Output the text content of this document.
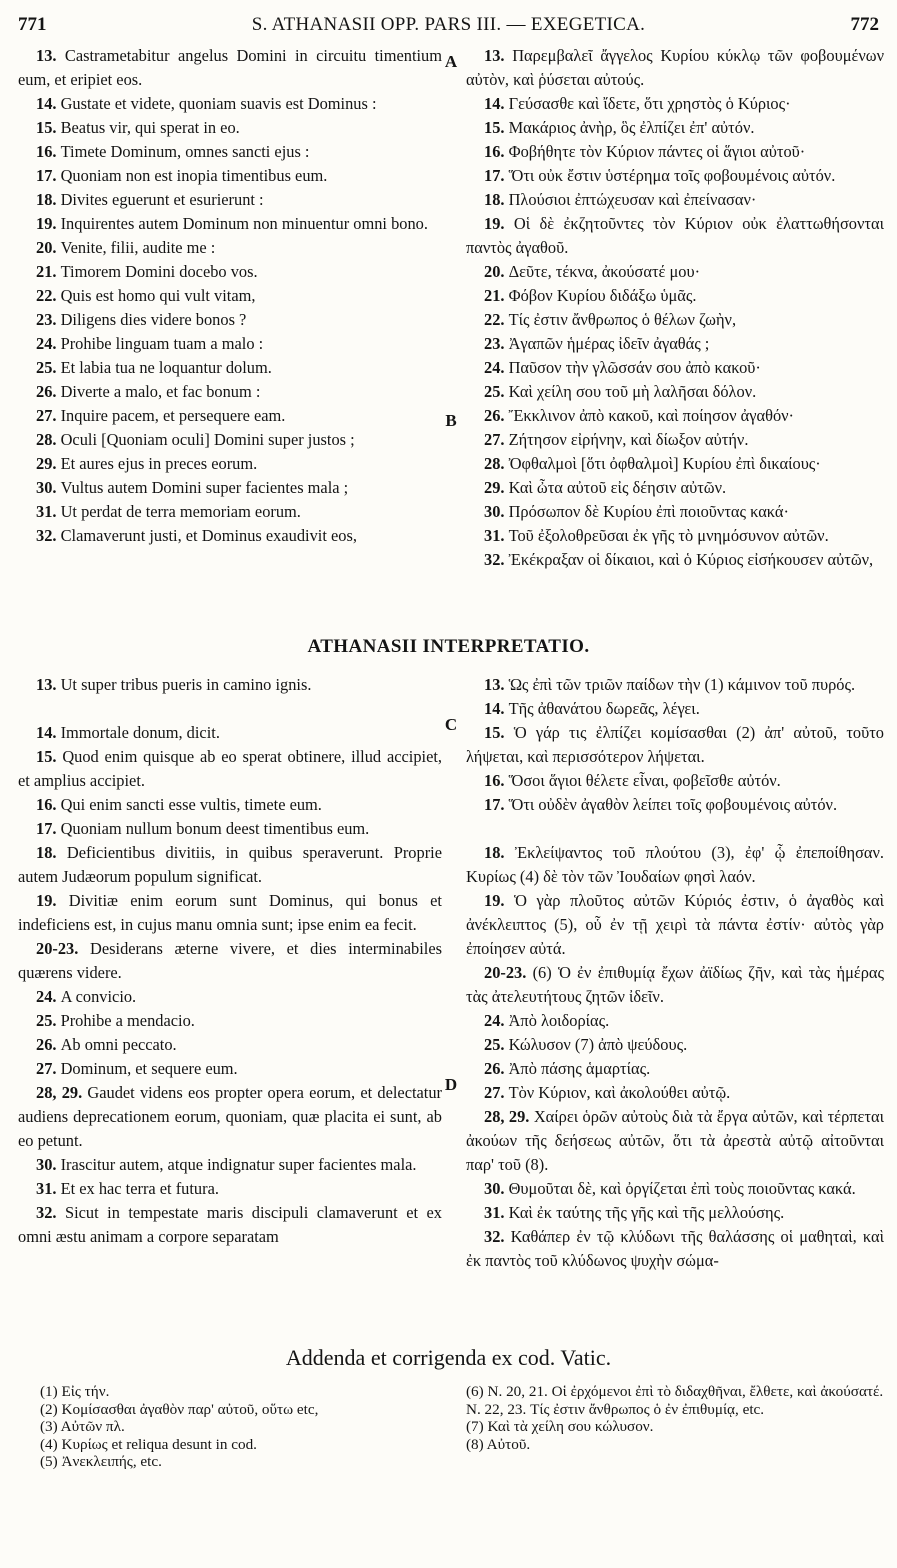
771	S. ATHANASII OPP. PARS III. — EXEGETICA.	772

13. Castrametabitur angelus Domini in circuitu timentium eum, et eripiet eos.

14. Gustate et videte, quoniam suavis est Dominus :

15. Beatus vir, qui sperat in eo.

16. Timete Dominum, omnes sancti ejus :

17. Quoniam non est inopia timentibus eum.

18. Divites eguerunt et esurierunt :

19. Inquirentes autem Dominum non minuentur omni bono.

20. Venite, filii, audite me :

21. Timorem Domini docebo vos.

22. Quis est homo qui vult vitam,

23. Diligens dies videre bonos ?

24. Prohibe linguam tuam a malo :

25. Et labia tua ne loquantur dolum.

26. Diverte a malo, et fac bonum :

27. Inquire pacem, et persequere eam.

28. Oculi [Quoniam oculi] Domini super justos ;

29. Et aures ejus in preces eorum.

30. Vultus autem Domini super facientes mala ;

31. Ut perdat de terra memoriam eorum.

32. Clamaverunt justi, et Dominus exaudivit eos,

13. Παρεμβαλεῖ ἄγγελος Κυρίου κύκλῳ τῶν φοβουμένων αὐτὸν, καὶ ῥύσεται αὐτούς.

14. Γεύσασθε καὶ ἴδετε, ὅτι χρηστὸς ὁ Κύριος·

15. Μακάριος ἀνὴρ, ὃς ἐλπίζει ἐπ' αὐτόν.

16. Φοβήθητε τὸν Κύριον πάντες οἱ ἅγιοι αὐτοῦ·

17. Ὅτι οὐκ ἔστιν ὑστέρημα τοῖς φοβουμένοις αὐτόν.

18. Πλούσιοι ἐπτώχευσαν καὶ ἐπείνασαν·

19. Οἱ δὲ ἐκζητοῦντες τὸν Κύριον οὐκ ἐλαττωθήσονται παντὸς ἀγαθοῦ.

20. Δεῦτε, τέκνα, ἀκούσατέ μου·

21. Φόβον Κυρίου διδάξω ὑμᾶς.

22. Τίς ἐστιν ἄνθρωπος ὁ θέλων ζωὴν,

23. Ἀγαπῶν ἡμέρας ἰδεῖν ἀγαθάς ;

24. Παῦσον τὴν γλῶσσάν σου ἀπὸ κακοῦ·

25. Καὶ χείλη σου τοῦ μὴ λαλῆσαι δόλον.

26. Ἔκκλινον ἀπὸ κακοῦ, καὶ ποίησον ἀγαθόν·

27. Ζήτησον εἰρήνην, καὶ δίωξον αὐτήν.

28. Ὀφθαλμοὶ [ὅτι ὀφθαλμοὶ] Κυρίου ἐπὶ δικαίους·

29. Καὶ ὦτα αὐτοῦ εἰς δέησιν αὐτῶν.

30. Πρόσωπον δὲ Κυρίου ἐπὶ ποιοῦντας κακά·

31. Τοῦ ἐξολοθρεῦσαι ἐκ γῆς τὸ μνημόσυνον αὐτῶν.

32. Ἐκέκραξαν οἱ δίκαιοι, καὶ ὁ Κύριος εἰσήκουσεν αὐτῶν,

A
B
ATHANASII INTERPRETATIO.

13. Ut super tribus pueris in camino ignis.

14. Immortale donum, dicit.

15. Quod enim quisque ab eo sperat obtinere, illud accipiet, et amplius accipiet.

16. Qui enim sancti esse vultis, timete eum.

17. Quoniam nullum bonum deest timentibus eum.

18. Deficientibus divitiis, in quibus speraverunt. Proprie autem Judæorum populum significat.

19. Divitiæ enim eorum sunt Dominus, qui bonus et indeficiens est, in cujus manu omnia sunt; ipse enim ea fecit.

20-23. Desiderans æterne vivere, et dies interminabiles quærens videre.

24. A convicio.

25. Prohibe a mendacio.

26. Ab omni peccato.

27. Dominum, et sequere eum.

28, 29. Gaudet videns eos propter opera eorum, et delectatur audiens deprecationem eorum, quoniam, quæ placita ei sunt, ab eo petunt.

30. Irascitur autem, atque indignatur super facientes mala.

31. Et ex hac terra et futura.

32. Sicut in tempestate maris discipuli clamaverunt et ex omni æstu animam a corpore separatam

13. Ὡς ἐπὶ τῶν τριῶν παίδων τὴν (1) κάμινον τοῦ πυρός.

14. Τῆς ἀθανάτου δωρεᾶς, λέγει.

15. Ὁ γάρ τις ἐλπίζει κομίσασθαι (2) ἀπ' αὐτοῦ, τοῦτο λήψεται, καὶ περισσότερον λήψεται.

16. Ὅσοι ἅγιοι θέλετε εἶναι, φοβεῖσθε αὐτόν.

17. Ὅτι οὐδὲν ἀγαθὸν λείπει τοῖς φοβουμένοις αὐτόν.

18. Ἐκλείψαντος τοῦ πλούτου (3), ἐφ' ᾧ ἐπεποίθησαν. Κυρίως (4) δὲ τὸν τῶν Ἰουδαίων φησὶ λαόν.

19. Ὁ γὰρ πλοῦτος αὐτῶν Κύριός ἐστιν, ὁ ἀγαθὸς καὶ ἀνέκλειπτος (5), οὗ ἐν τῇ χειρὶ τὰ πάντα ἐστίν· αὐτὸς γὰρ ἐποίησεν αὐτά.

20-23. (6) Ὁ ἐν ἐπιθυμίᾳ ἔχων ἀϊδίως ζῆν, καὶ τὰς ἡμέρας τὰς ἀτελευτήτους ζητῶν ἰδεῖν.

24. Ἀπὸ λοιδορίας.

25. Κώλυσον (7) ἀπὸ ψεύδους.

26. Ἀπὸ πάσης ἁμαρτίας.

27. Τὸν Κύριον, καὶ ἀκολούθει αὐτῷ.

28, 29. Χαίρει ὁρῶν αὐτοὺς διὰ τὰ ἔργα αὐτῶν, καὶ τέρπεται ἀκούων τῆς δεήσεως αὐτῶν, ὅτι τὰ ἀρεστὰ αὐτῷ αἰτοῦνται παρ' τοῦ (8).

30. Θυμοῦται δὲ, καὶ ὀργίζεται ἐπὶ τοὺς ποιοῦντας κακά.

31. Καὶ ἐκ ταύτης τῆς γῆς καὶ τῆς μελλούσης.

32. Καθάπερ ἐν τῷ κλύδωνι τῆς θαλάσσης οἱ μαθηταὶ, καὶ ἐκ παντὸς τοῦ κλύδωνος ψυχὴν σώμα-

C
D
Addenda et corrigenda ex cod. Vatic.

(1) Εἰς τήν.

(2) Κομίσασθαι ἀγαθὸν παρ' αὐτοῦ, οὕτω etc,

(3) Αὐτῶν πλ.

(4) Κυρίως et reliqua desunt in cod.

(5) Ἀνεκλειπής, etc.

(6) N. 20, 21. Οἱ ἐρχόμενοι ἐπὶ τὸ διδαχθῆναι, ἔλθετε, καὶ ἀκούσατέ. N. 22, 23. Τίς ἐστιν ἄνθρωπος ὁ ἐν ἐπιθυμίᾳ, etc.

(7) Καὶ τὰ χείλη σου κώλυσον.

(8) Αὐτοῦ.
